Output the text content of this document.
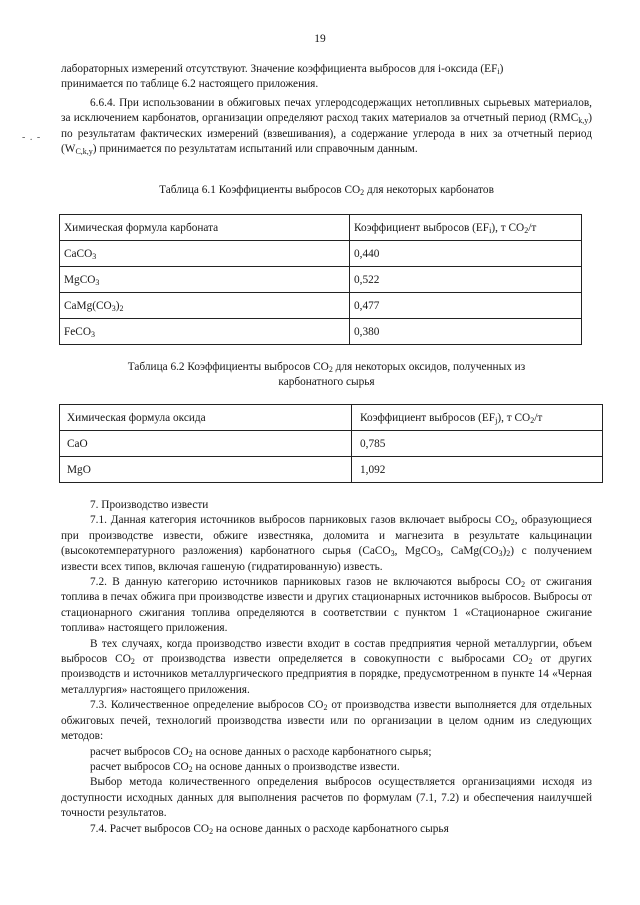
19
- . -

лабораторных измерений отсутствуют. Значение коэффициента выбросов для i-оксида $(EF_i)$

принимается по таблице 6.2 настоящего приложения.

6.6.4. При использовании в обжиговых печах углеродсодержащих нетопливных сырьевых материалов, за исключением карбонатов, организации определяют расход таких материалов за отчетный период $(RMC_{k,y})$ по результатам фактических измерений (взвешивания), а содержание углерода в них за отчетный период $(W_{C,k,y})$ принимается по результатам испытаний или справочным данным.

Таблица 6.1 Коэффициенты выбросов $CO_2$ для некоторых карбонатов
Химическая формула карбоната	Коэффициент выбросов $(EF_i)$, т $CO_2/т$
CaCO$_3$	0,440
MgCO$_3$	0,522
$CaMg(CO_3)_2$	0,477
FeCO$_3$	0,380
Таблица 6.2 Коэффициенты выбросов $CO_2$ для некоторых оксидов, полученных из
карбонатного сырья
Химическая формула оксида	Коэффициент выбросов $(EF_j)$, т $CO_2/т$
CaO	0,785
MgO	1,092

7. Производство извести

7.1. Данная категория источников выбросов парниковых газов включает выбросы $CO_2$, образующиеся при производстве извести, обжиге известняка, доломита и магнезита в результате кальцинации (высокотемпературного разложения) карбонатного сырья (CaCO$_3$, MgCO$_3$, $CaMg(CO_3)_2$) с получением извести всех типов, включая гашеную (гидратированную) известь.

7.2. В данную категорию источников парниковых газов не включаются выбросы $CO_2$ от сжигания топлива в печах обжига при производстве извести и других стационарных источников выбросов. Выбросы от стационарного сжигания топлива определяются в соответствии с пунктом 1 «Стационарное сжигание топлива» настоящего приложения.

В тех случаях, когда производство извести входит в состав предприятия черной металлургии, объем выбросов $CO_2$ от производства извести определяется в совокупности с выбросами $CO_2$ от других производств и источников металлургического предприятия в порядке, предусмотренном в пункте 14 «Черная металлургия» настоящего приложения.

7.3. Количественное определение выбросов $CO_2$ от производства извести выполняется для отдельных обжиговых печей, технологий производства извести или по организации в целом одним из следующих методов:

расчет выбросов $CO_2$ на основе данных о расходе карбонатного сырья;

расчет выбросов $CO_2$ на основе данных о производстве извести.

Выбор метода количественного определения выбросов осуществляется организациями исходя из доступности исходных данных для выполнения расчетов по формулам (7.1, 7.2) и обеспечения наилучшей точности результатов.

7.4. Расчет выбросов $CO_2$ на основе данных о расходе карбонатного сырья
